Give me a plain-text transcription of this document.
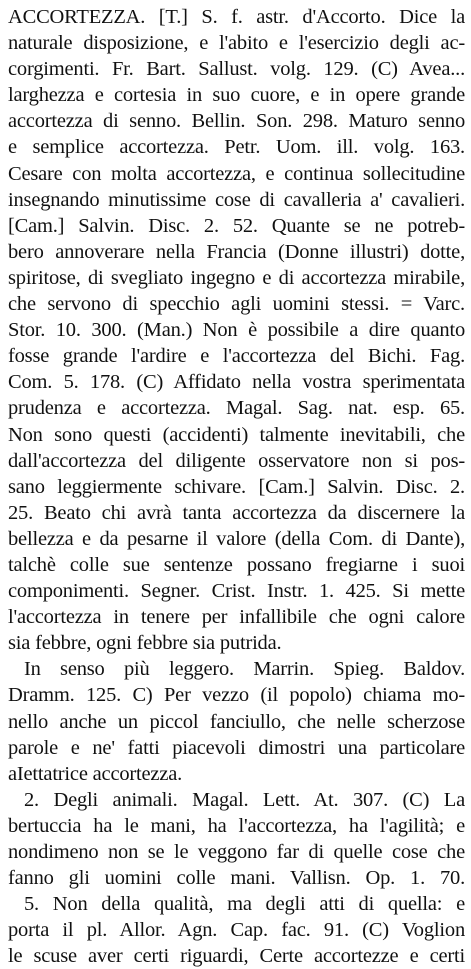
ACCORTEZZA. [T.] S. f. astr. d'Accorto. Dice la
naturale disposizione, e l'abito e l'esercizio degli ac-
corgimenti. Fr. Bart. Sallust. volg. 129. (C) Avea...
larghezza e cortesia in suo cuore, e in opere grande
accortezza di senno. Bellin. Son. 298. Maturo senno
e semplice accortezza. Petr. Uom. ill. volg. 163.
Cesare con molta accortezza, e continua sollecitudine
insegnando minutissime cose di cavalleria a' cavalieri.
[Cam.] Salvin. Disc. 2. 52. Quante se ne potreb-
bero annoverare nella Francia (Donne illustri) dotte,
spiritose, di svegliato ingegno e di accortezza mirabile,
che servono di specchio agli uomini stessi. = Varc.
Stor. 10. 300. (Man.) Non è possibile a dire quanto
fosse grande l'ardire e l'accortezza del Bichi. Fag.
Com. 5. 178. (C) Affidato nella vostra sperimentata
prudenza e accortezza. Magal. Sag. nat. esp. 65.
Non sono questi (accidenti) talmente inevitabili, che
dall'accortezza del diligente osservatore non si pos-
sano leggiermente schivare. [Cam.] Salvin. Disc. 2.
25. Beato chi avrà tanta accortezza da discernere la
bellezza e da pesarne il valore (della Com. di Dante),
talchè colle sue sentenze possano fregiarne i suoi
componimenti. Segner. Crist. Instr. 1. 425. Si mette
l'accortezza in tenere per infallibile che ogni calore
sia febbre, ogni febbre sia putrida.
In senso più leggero. Marrin. Spieg. Baldov.
Dramm. 125. C) Per vezzo (il popolo) chiama mo-
nello anche un piccol fanciullo, che nelle scherzose
parole e ne' fatti piacevoli dimostri una particolare
aIettatrice accortezza.
2. Degli animali. Magal. Lett. At. 307. (C) La
bertuccia ha le mani, ha l'accortezza, ha l'agilità; e
nondimeno non se le veggono far di quelle cose che
fanno gli uomini colle mani. Vallisn. Op. 1. 70.
5. Non della qualità, ma degli atti di quella: e
porta il pl. Allor. Agn. Cap. fac. 91. (C) Voglion
le scuse aver certi riguardi, Certe accortezze e certi
